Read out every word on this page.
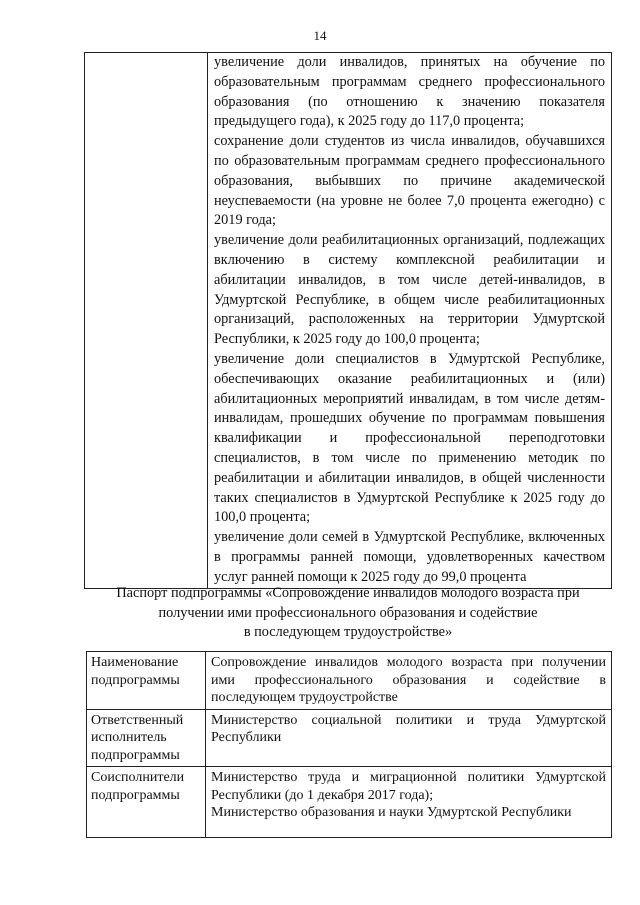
14

увеличение доли инвалидов, принятых на обучение по образовательным программам среднего профессионального образования (по отношению к значению показателя предыдущего года), к 2025 году до 117,0 процента;
сохранение доли студентов из числа инвалидов, обучавшихся по образовательным программам среднего профессионального образования, выбывших по причине академической неуспеваемости (на уровне не более 7,0 процента ежегодно) с 2019 года;
увеличение доли реабилитационных организаций, подлежащих включению в систему комплексной реабилитации и абилитации инвалидов, в том числе детей-инвалидов, в Удмуртской Республике, в общем числе реабилитационных организаций, расположенных на территории Удмуртской Республики, к 2025 году до 100,0 процента;
увеличение доли специалистов в Удмуртской Республике, обеспечивающих оказание реабилитационных и (или) абилитационных мероприятий инвалидам, в том числе детям-инвалидам, прошедших обучение по программам повышения квалификации и профессиональной переподготовки специалистов, в том числе по применению методик по реабилитации и абилитации инвалидов, в общей численности таких специалистов в Удмуртской Республике к 2025 году до 100,0 процента;
увеличение доли семей в Удмуртской Республике, включенных в программы ранней помощи, удовлетворенных качеством услуг ранней помощи к 2025 году до 99,0 процента
Паспорт подпрограммы «Сопровождение инвалидов молодого возраста при
получении ими профессионального образования и содействие
в последующем трудоустройстве»
Наименование подпрограммы	Сопровождение инвалидов молодого возраста при получении ими профессионального образования и содействие в последующем трудоустройстве
Ответственный исполнитель подпрограммы	Министерство социальной политики и труда Удмуртской Республики
Соисполнители подпрограммы	Министерство труда и миграционной политики Удмуртской Республики (до 1 декабря 2017 года);
Министерство образования и науки Удмуртской Республики
